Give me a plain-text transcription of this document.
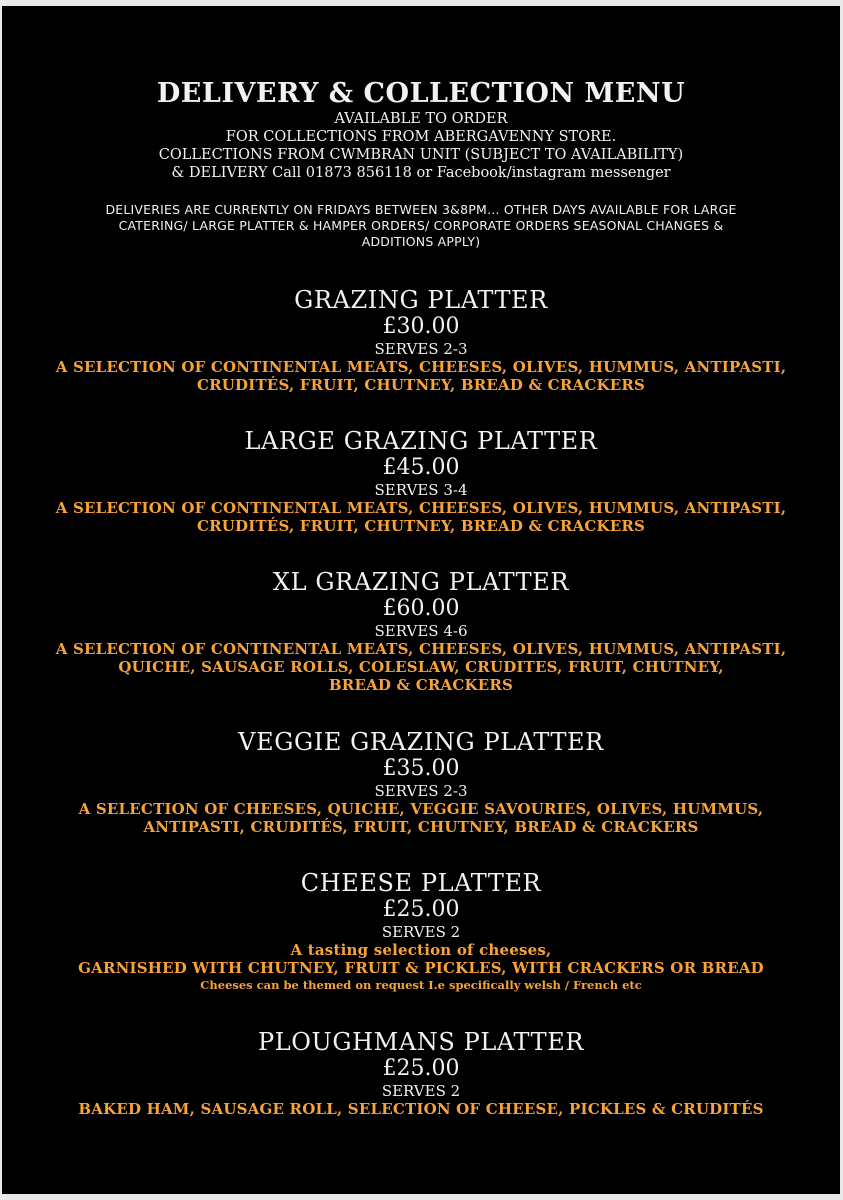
DELIVERY & COLLECTION MENU

AVAILABLE TO ORDER

FOR COLLECTIONS FROM ABERGAVENNY STORE.

COLLECTIONS FROM CWMBRAN UNIT (SUBJECT TO AVAILABILITY)

& DELIVERY Call 01873 856118 or Facebook/instagram messenger

DELIVERIES ARE CURRENTLY ON FRIDAYS BETWEEN 3&8PM… OTHER DAYS AVAILABLE FOR LARGE CATERING/ LARGE PLATTER & HAMPER ORDERS/ CORPORATE ORDERS SEASONAL CHANGES & ADDITIONS APPLY)

GRAZING PLATTER

£30.00

SERVES 2-3

A SELECTION OF CONTINENTAL MEATS, CHEESES, OLIVES, HUMMUS, ANTIPASTI,

CRUDITÉS, FRUIT, CHUTNEY, BREAD & CRACKERS

LARGE GRAZING PLATTER

£45.00

SERVES 3-4

A SELECTION OF CONTINENTAL MEATS, CHEESES, OLIVES, HUMMUS, ANTIPASTI,

CRUDITÉS, FRUIT, CHUTNEY, BREAD & CRACKERS

XL GRAZING PLATTER

£60.00

SERVES 4-6

A SELECTION OF CONTINENTAL MEATS, CHEESES, OLIVES, HUMMUS, ANTIPASTI,

QUICHE, SAUSAGE ROLLS, COLESLAW, CRUDITES, FRUIT, CHUTNEY,

BREAD & CRACKERS

VEGGIE GRAZING PLATTER

£35.00

SERVES 2-3

A SELECTION OF CHEESES, QUICHE, VEGGIE SAVOURIES, OLIVES, HUMMUS,

ANTIPASTI, CRUDITÉS, FRUIT, CHUTNEY, BREAD & CRACKERS

CHEESE PLATTER

£25.00

SERVES 2

A tasting selection of cheeses,

GARNISHED WITH CHUTNEY, FRUIT & PICKLES, WITH CRACKERS OR BREAD

Cheeses can be themed on request I.e specifically welsh / French etc

PLOUGHMANS PLATTER

£25.00

SERVES 2

BAKED HAM, SAUSAGE ROLL, SELECTION OF CHEESE, PICKLES & CRUDITÉS
